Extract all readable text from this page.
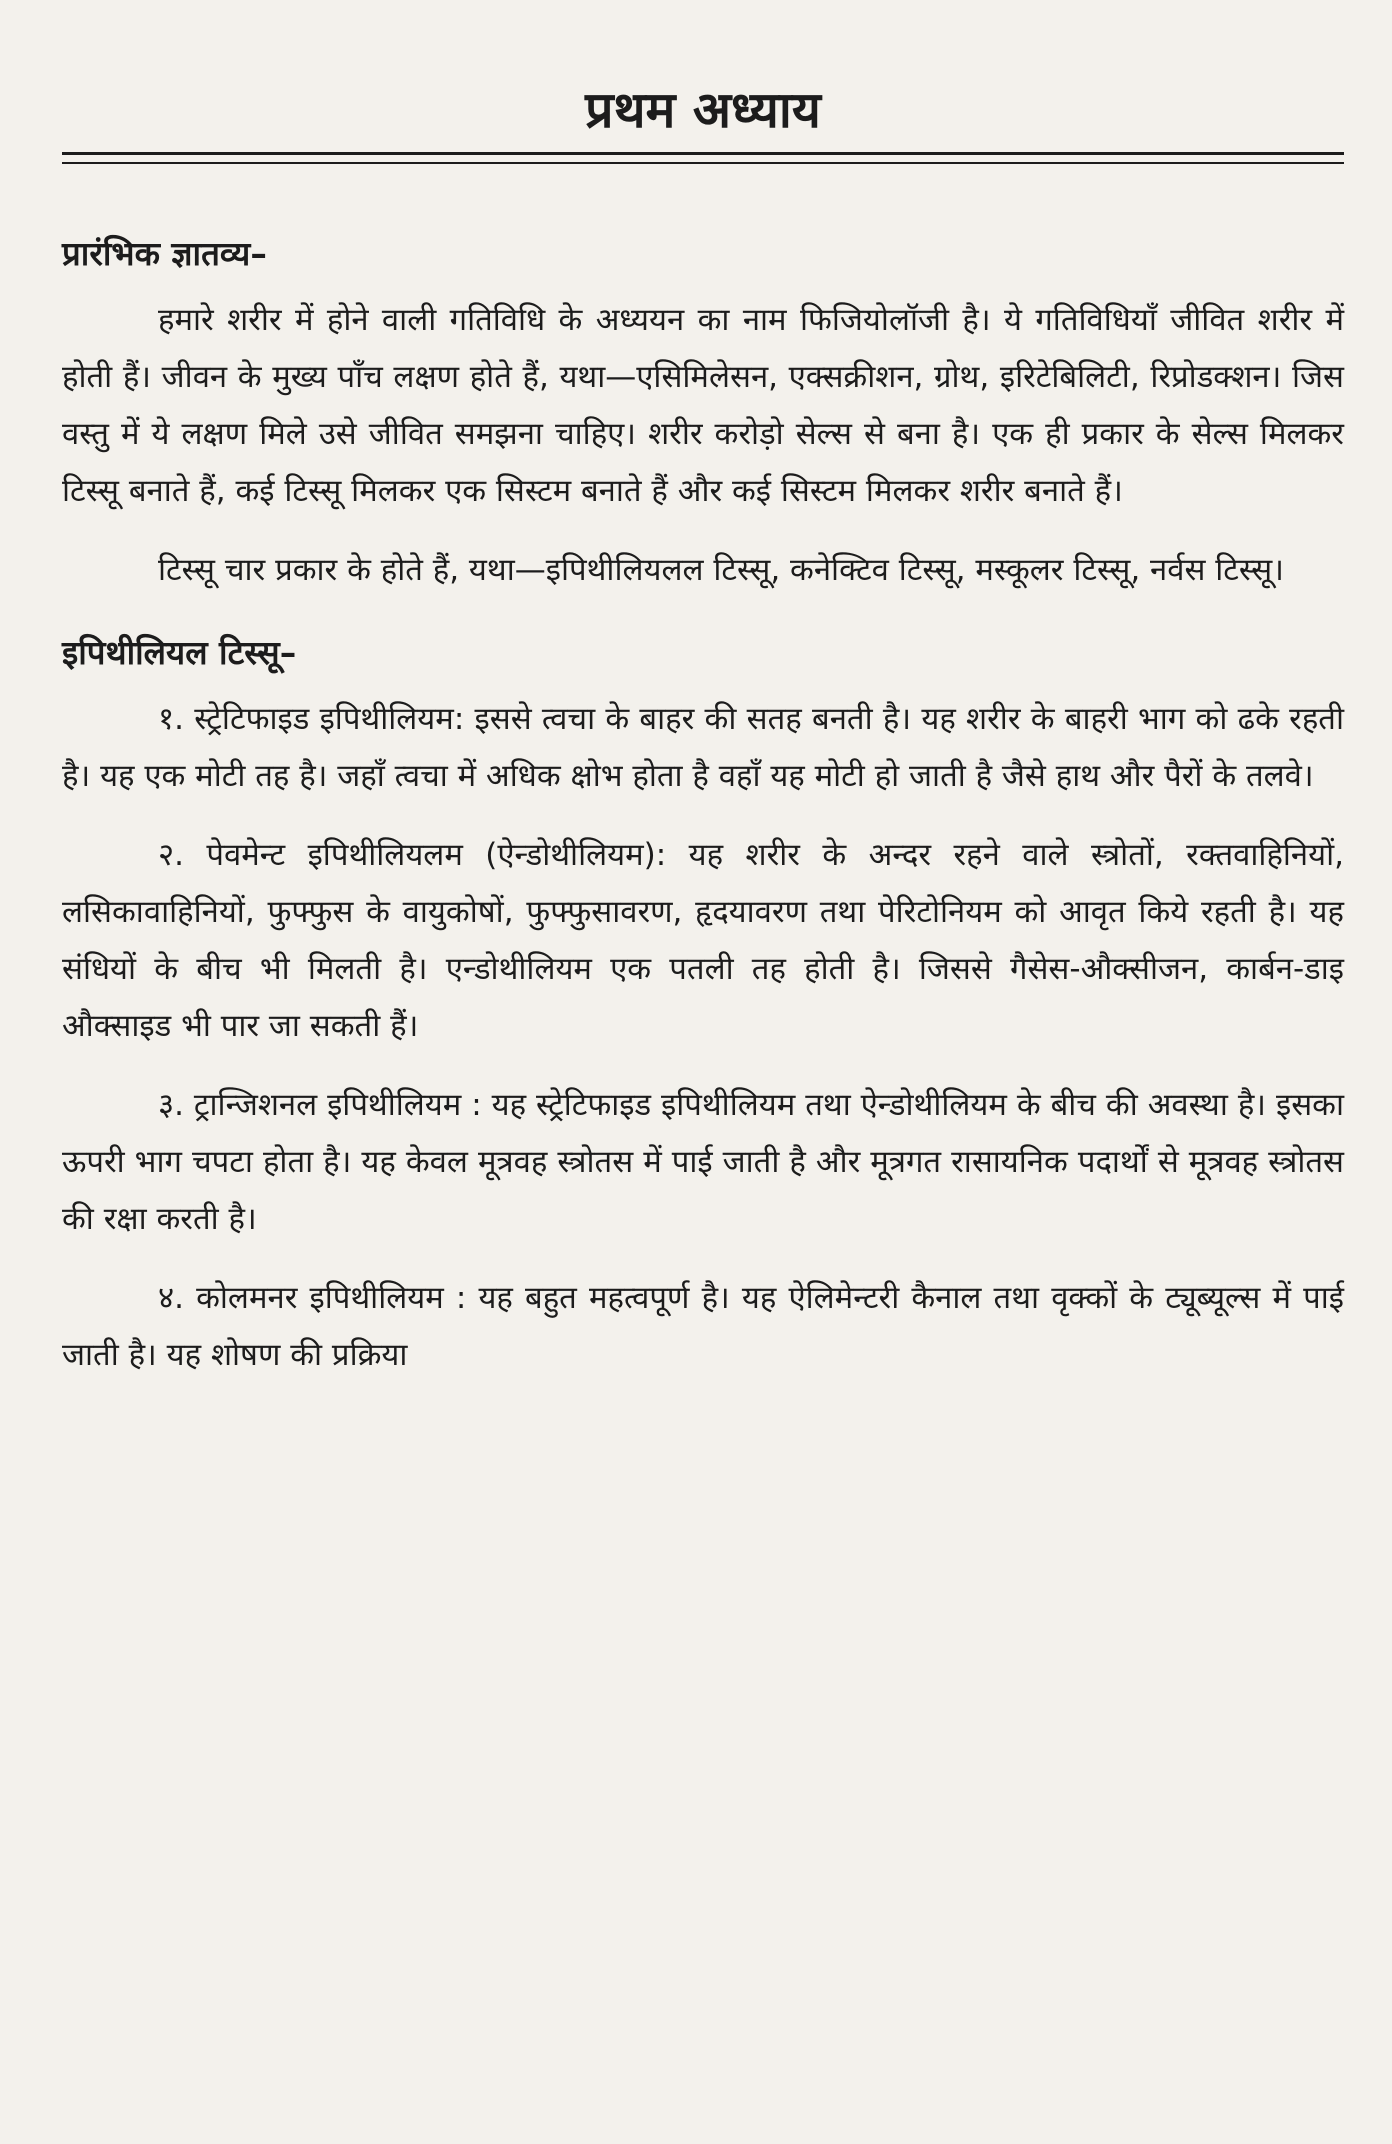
प्रथम अध्याय
प्रारंभिक ज्ञातव्य–

हमारे शरीर में होने वाली गतिविधि के अध्ययन का नाम फिजियोलॉजी है। ये गतिविधियाँ जीवित शरीर में होती हैं। जीवन के मुख्य पाँच लक्षण होते हैं, यथा—एसिमिलेसन, एक्सक्रीशन, ग्रोथ, इरिटेबिलिटी, रिप्रोडक्शन। जिस वस्तु में ये लक्षण मिले उसे जीवित समझना चाहिए। शरीर करोड़ो सेल्स से बना है। एक ही प्रकार के सेल्स मिलकर टिस्सू बनाते हैं, कई टिस्सू मिलकर एक सिस्टम बनाते हैं और कई सिस्टम मिलकर शरीर बनाते हैं।

टिस्सू चार प्रकार के होते हैं, यथा—इपिथीलियलल टिस्सू, कनेक्टिव टिस्सू, मस्कूलर टिस्सू, नर्वस टिस्सू।

इपिथीलियल टिस्सू–

१. स्ट्रेटिफाइड इपिथीलियम: इससे त्वचा के बाहर की सतह बनती है। यह शरीर के बाहरी भाग को ढके रहती है। यह एक मोटी तह है। जहाँ त्वचा में अधिक क्षोभ होता है वहाँ यह मोटी हो जाती है जैसे हाथ और पैरों के तलवे।

२. पेवमेन्ट इपिथीलियलम (ऐन्डोथीलियम): यह शरीर के अन्दर रहने वाले स्त्रोतों, रक्तवाहिनियों, लसिकावाहिनियों, फुफ्फुस के वायुकोषों, फुफ्फुसावरण, हृदयावरण तथा पेरिटोनियम को आवृत किये रहती है। यह संधियों के बीच भी मिलती है। एन्डोथीलियम एक पतली तह होती है। जिससे गैसेस-औक्सीजन, कार्बन-डाइ औक्साइड भी पार जा सकती हैं।

३. ट्रान्जिशनल इपिथीलियम : यह स्ट्रेटिफाइड इपिथीलियम तथा ऐन्डोथीलियम के बीच की अवस्था है। इसका ऊपरी भाग चपटा होता है। यह केवल मूत्रवह स्त्रोतस में पाई जाती है और मूत्रगत रासायनिक पदार्थों से मूत्रवह स्त्रोतस की रक्षा करती है।

४. कोलमनर इपिथीलियम : यह बहुत महत्वपूर्ण है। यह ऐलिमेन्टरी कैनाल तथा वृक्कों के ट्यूब्यूल्स में पाई जाती है। यह शोषण की प्रक्रिया
